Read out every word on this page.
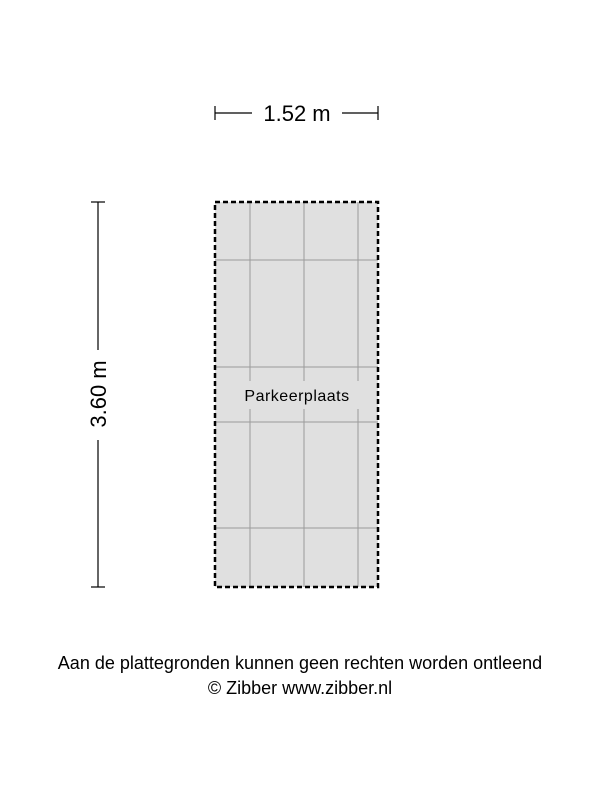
1.52 m
3.60 m	Parkeerplaats
Aan de plattegronden kunnen geen rechten worden ontleend
© Zibber www.zibber.nl
